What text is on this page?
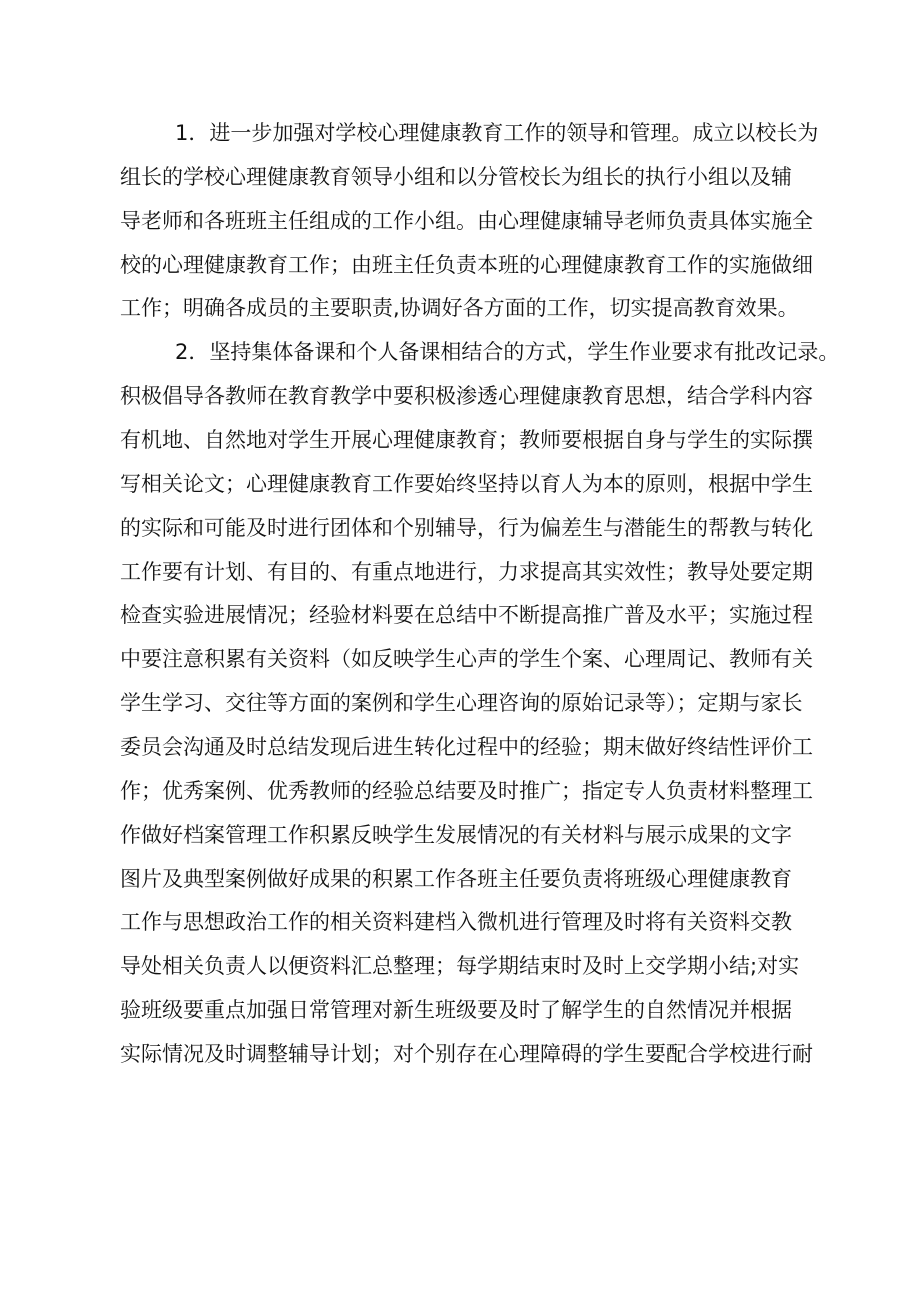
1．进一步加强对学校心理健康教育工作的领导和管理。成立以校长为
组长的学校心理健康教育领导小组和以分管校长为组长的执行小组以及辅
导老师和各班班主任组成的工作小组。由心理健康辅导老师负责具体实施全
校的心理健康教育工作；由班主任负责本班的心理健康教育工作的实施做细
工作；明确各成员的主要职责,协调好各方面的工作，切实提高教育效果。
2．坚持集体备课和个人备课相结合的方式，学生作业要求有批改记录。
积极倡导各教师在教育教学中要积极渗透心理健康教育思想，结合学科内容
有机地、自然地对学生开展心理健康教育；教师要根据自身与学生的实际撰
写相关论文；心理健康教育工作要始终坚持以育人为本的原则，根据中学生
的实际和可能及时进行团体和个别辅导，行为偏差生与潜能生的帮教与转化
工作要有计划、有目的、有重点地进行，力求提高其实效性；教导处要定期
检查实验进展情况；经验材料要在总结中不断提高推广普及水平；实施过程
中要注意积累有关资料（如反映学生心声的学生个案、心理周记、教师有关
学生学习、交往等方面的案例和学生心理咨询的原始记录等）；定期与家长
委员会沟通及时总结发现后进生转化过程中的经验；期末做好终结性评价工
作；优秀案例、优秀教师的经验总结要及时推广；指定专人负责材料整理工
作做好档案管理工作积累反映学生发展情况的有关材料与展示成果的文字
图片及典型案例做好成果的积累工作各班主任要负责将班级心理健康教育
工作与思想政治工作的相关资料建档入微机进行管理及时将有关资料交教
导处相关负责人以便资料汇总整理；每学期结束时及时上交学期小结;对实
验班级要重点加强日常管理对新生班级要及时了解学生的自然情况并根据
实际情况及时调整辅导计划；对个别存在心理障碍的学生要配合学校进行耐
